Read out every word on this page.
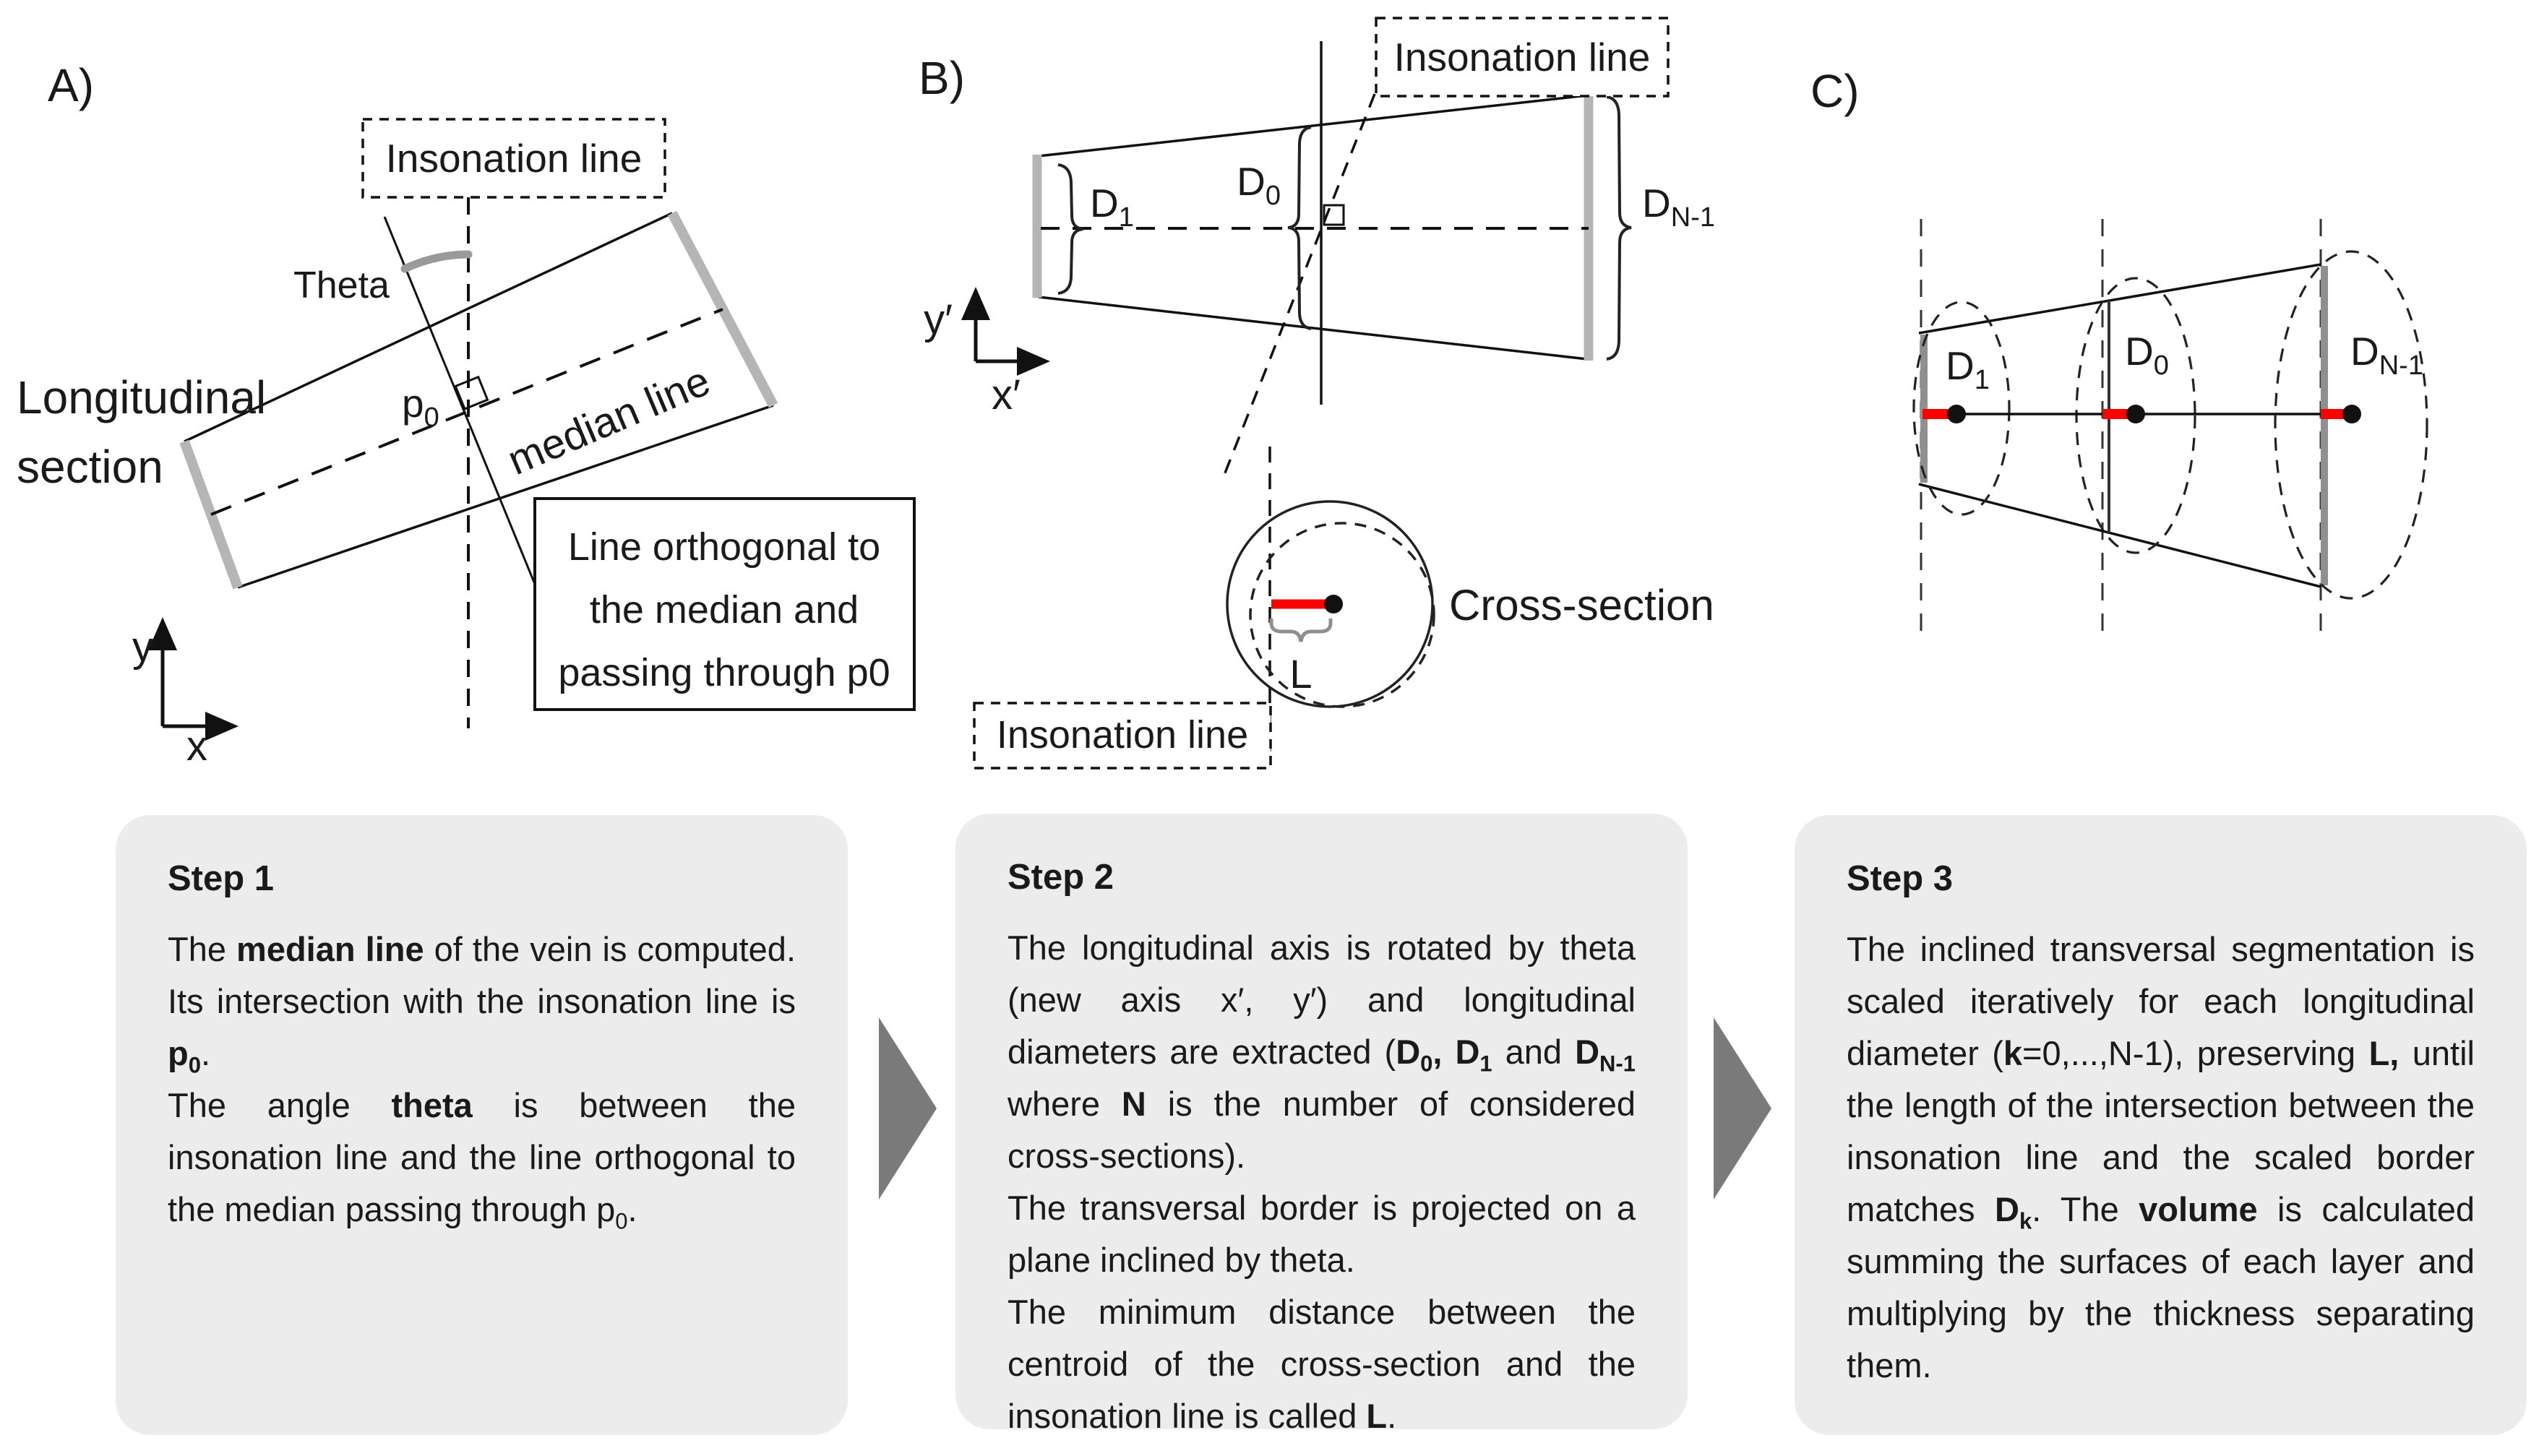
A)
Theta
$p_0$ median line
Longitudinal
section
Insonation line
Line orthogonal to
the median and
passing through p0
y
x
B)
$D_1$
$D_0$	$D_{N-1}$
Insonation line
y′
x′
L
Cross-section
Insonation line
C)
$D_1$
$D_0$	$D_{N-1}$
Step 1

The median line of the vein is computed. Its intersection with the insonation line is $p_0$.

The angle theta is between the insonation line and the line orthogonal to the median passing through $p_0$.

Step 2

The longitudinal axis is rotated by theta (new axis x′, y′) and longitudinal diameters are extracted ($D_0$, $D_1$ and $D_{N-1}$ where N is the number of considered cross-sections).

The transversal border is projected on a plane inclined by theta.

The minimum distance between the centroid of the cross-section and the insonation line is called L.

Step 3

The inclined transversal segmentation is scaled iteratively for each longitudinal diameter (k=0,...,N-1), preserving L, until the length of the intersection between the insonation line and the scaled border matches $D_k$. The volume is calculated summing the surfaces of each layer and multiplying by the thickness separating them.
